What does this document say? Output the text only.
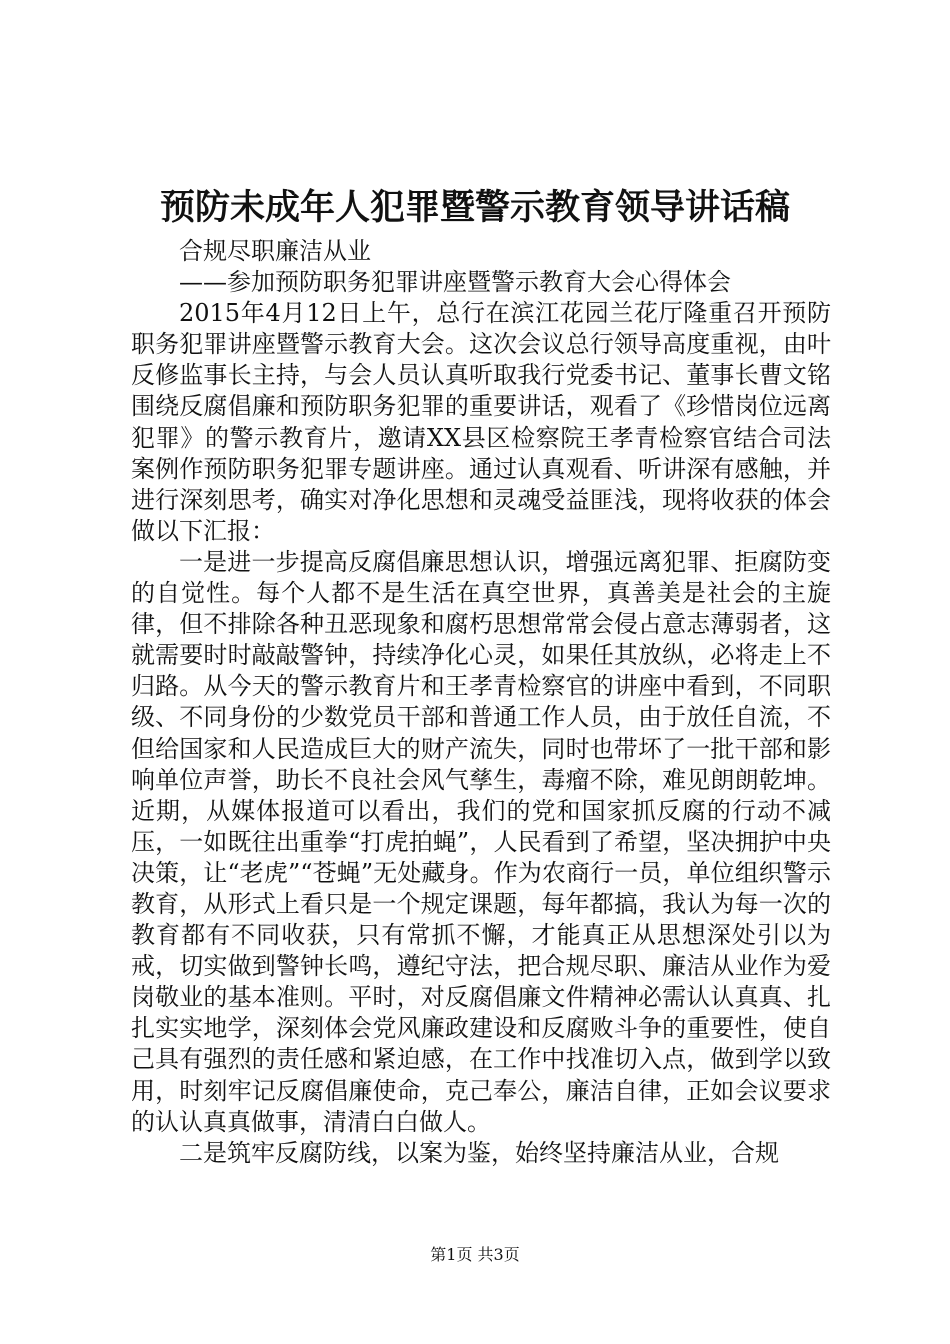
预防未成年人犯罪暨警示教育领导讲话稿

合规尽职廉洁从业

——参加预防职务犯罪讲座暨警示教育大会心得体会

2015年4月12日上午，总行在滨江花园兰花厅隆重召开预防职务犯罪讲座暨警示教育大会。这次会议总行领导高度重视，由叶反修监事长主持，与会人员认真听取我行党委书记、董事长曹文铭围绕反腐倡廉和预防职务犯罪的重要讲话，观看了《珍惜岗位远离犯罪》的警示教育片，邀请XX县区检察院王孝青检察官结合司法案例作预防职务犯罪专题讲座。通过认真观看、听讲深有感触，并进行深刻思考，确实对净化思想和灵魂受益匪浅，现将收获的体会做以下汇报：

一是进一步提高反腐倡廉思想认识，增强远离犯罪、拒腐防变的自觉性。每个人都不是生活在真空世界，真善美是社会的主旋律，但不排除各种丑恶现象和腐朽思想常常会侵占意志薄弱者，这就需要时时敲敲警钟，持续净化心灵，如果任其放纵，必将走上不归路。从今天的警示教育片和王孝青检察官的讲座中看到，不同职级、不同身份的少数党员干部和普通工作人员，由于放任自流，不但给国家和人民造成巨大的财产流失，同时也带坏了一批干部和影响单位声誉，助长不良社会风气孳生，毒瘤不除，难见朗朗乾坤。近期，从媒体报道可以看出，我们的党和国家抓反腐的行动不减压，一如既往出重拳“打虎拍蝇”，人民看到了希望，坚决拥护中央决策，让“老虎”“苍蝇”无处藏身。作为农商行一员，单位组织警示教育，从形式上看只是一个规定课题，每年都搞，我认为每一次的教育都有不同收获，只有常抓不懈，才能真正从思想深处引以为戒，切实做到警钟长鸣，遵纪守法，把合规尽职、廉洁从业作为爱岗敬业的基本准则。平时，对反腐倡廉文件精神必需认认真真、扎扎实实地学，深刻体会党风廉政建设和反腐败斗争的重要性，使自己具有强烈的责任感和紧迫感，在工作中找准切入点，做到学以致用，时刻牢记反腐倡廉使命，克己奉公，廉洁自律，正如会议要求的认认真真做事，清清白白做人。

二是筑牢反腐防线，以案为鉴，始终坚持廉洁从业，合规

第1页 共3页
